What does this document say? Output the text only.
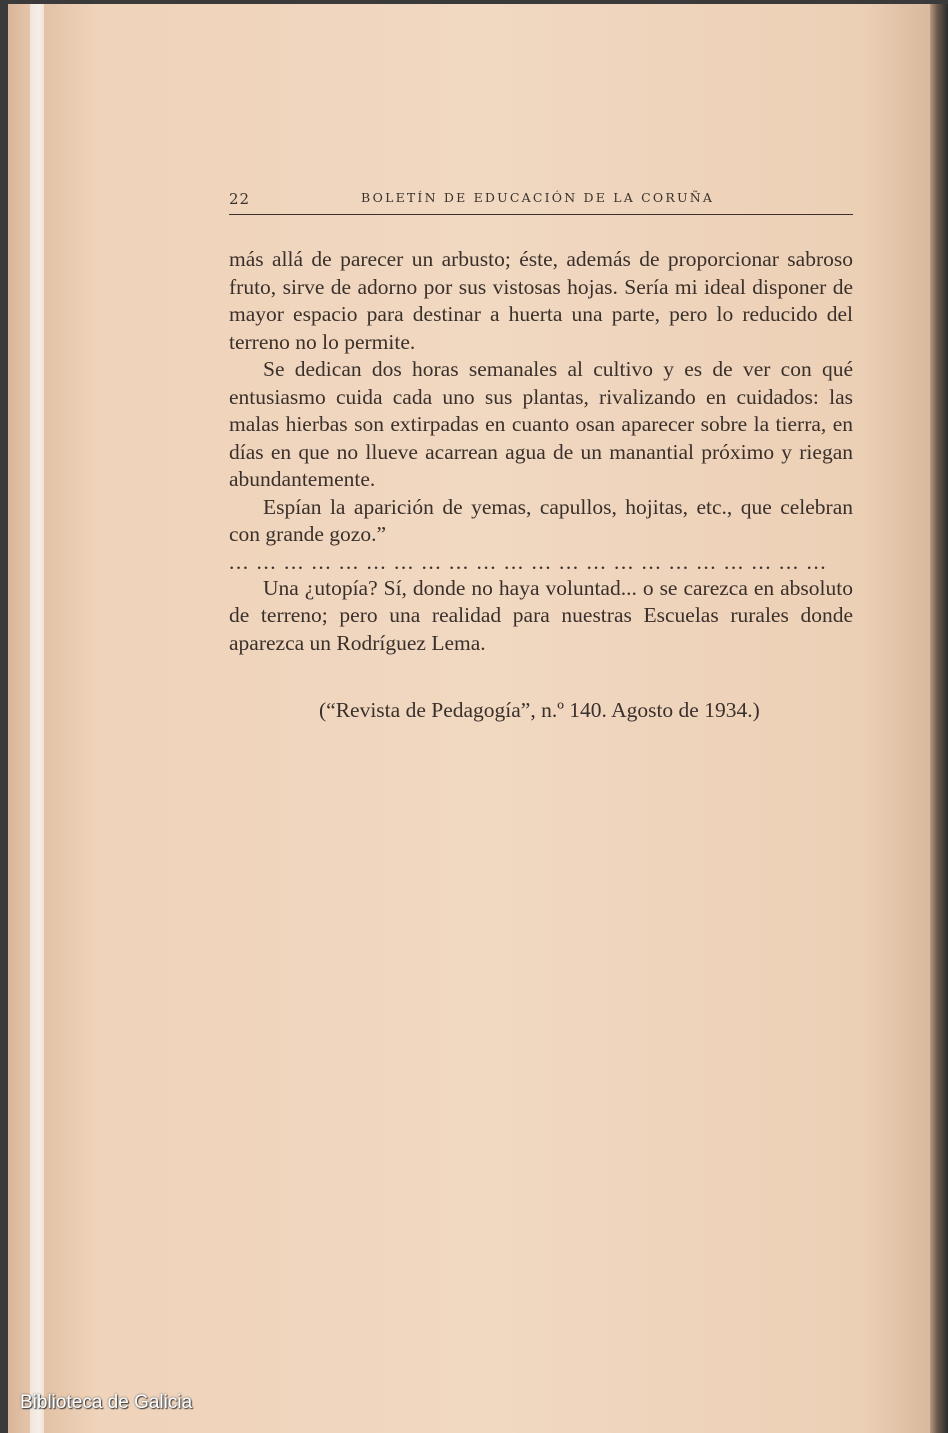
22	BOLETÍN DE EDUCACIÓN DE LA CORUÑA

más allá de parecer un arbusto; éste, además de proporcionar sabroso fruto, sirve de adorno por sus vistosas hojas. Sería mi ideal disponer de mayor espacio para destinar a huerta una parte, pero lo reducido del terreno no lo permite.

Se dedican dos horas semanales al cultivo y es de ver con qué entusiasmo cuida cada uno sus plantas, rivalizando en cuidados: las malas hierbas son extirpadas en cuanto osan aparecer sobre la tierra, en días en que no llueve acarrean agua de un manantial próximo y riegan abundantemente.

Espían la aparición de yemas, capullos, hojitas, etc., que celebran con grande gozo.”

... ... ... ... ... ... ... ... ... ... ... ... ... ... ... ... ... ... ... ... ... ...

Una ¿utopía? Sí, donde no haya voluntad... o se carezca en absoluto de terreno; pero una realidad para nuestras Escuelas rurales donde aparezca un Rodríguez Lema.

(“Revista de Pedagogía”, n.º 140. Agosto de 1934.)
Biblioteca de Galicia
